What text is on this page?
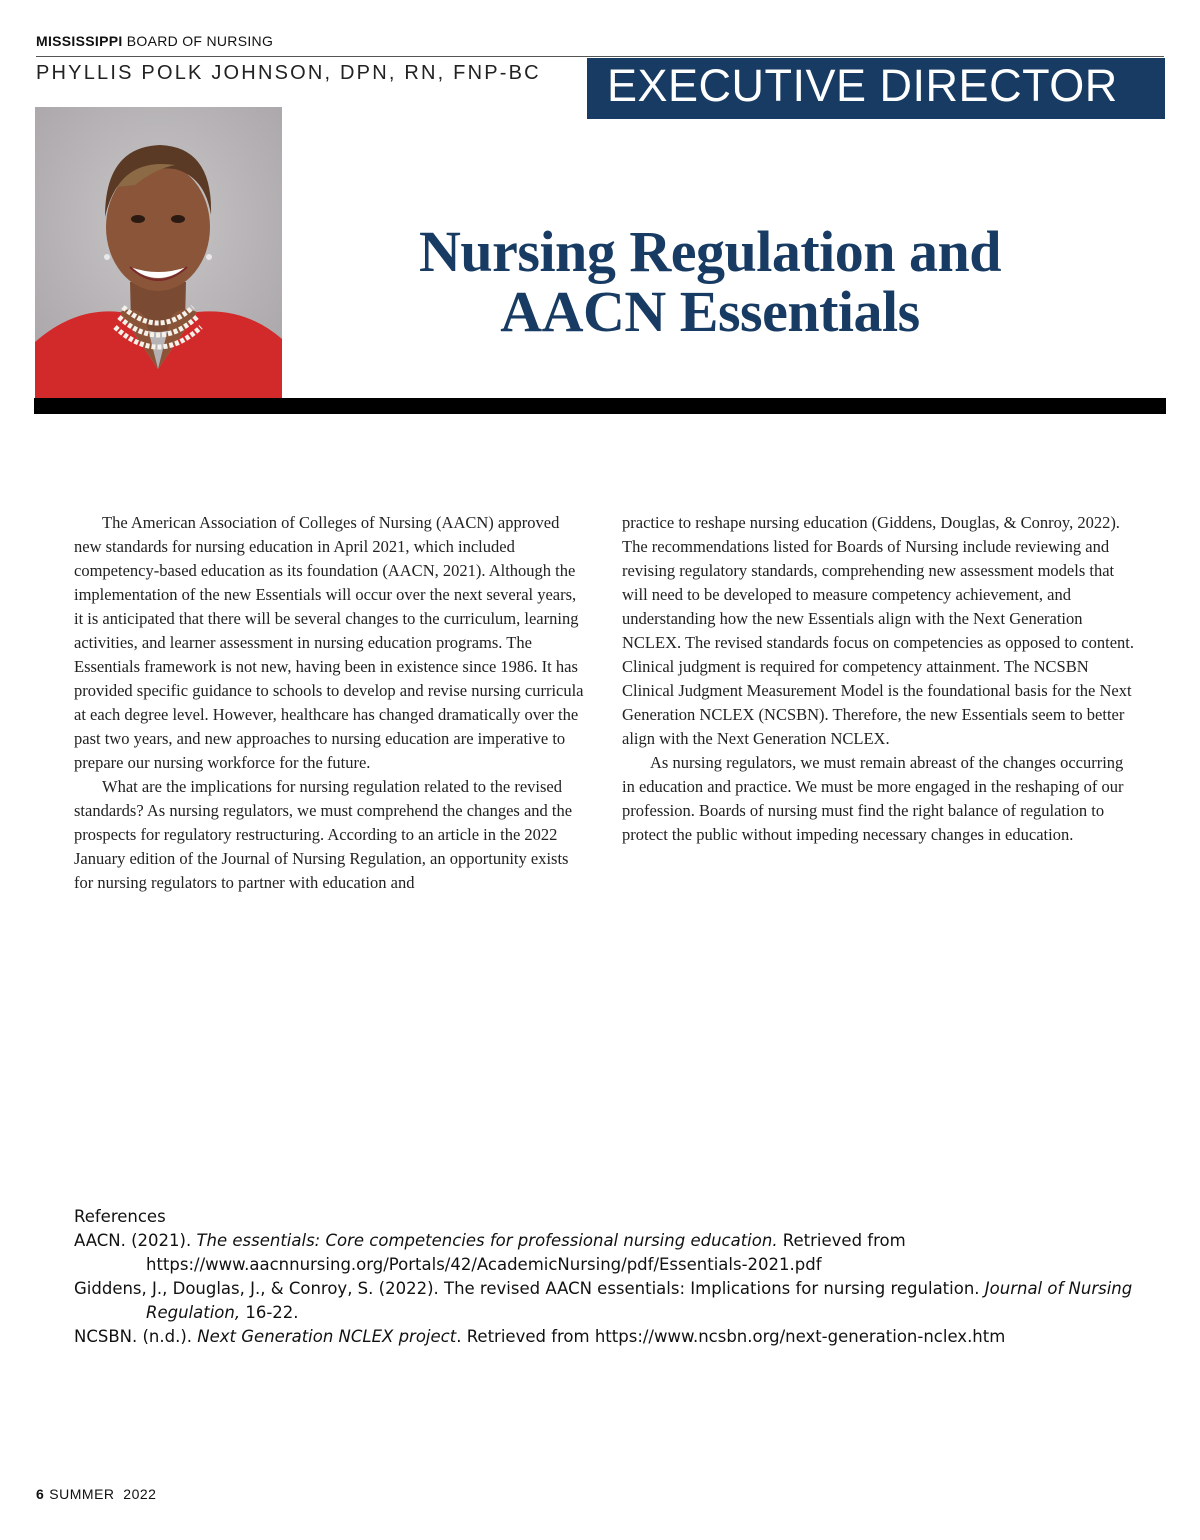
MISSISSIPPI BOARD OF NURSING
PHYLLIS POLK JOHNSON, DPN, RN, FNP-BC EXECUTIVE DIRECTOR
Nursing Regulation and
AACN Essentials

The American Association of Colleges of Nursing (AACN) approved new standards for nursing education in April 2021, which included competency-based education as its foundation (AACN, 2021). Although the implementation of the new Essentials will occur over the next several years, it is anticipated that there will be several changes to the curriculum, learning activities, and learner assessment in nursing education programs. The Essentials framework is not new, having been in existence since 1986. It has provided specific guidance to schools to develop and revise nursing curricula at each degree level. However, healthcare has changed dramatically over the past two years, and new approaches to nursing education are imperative to prepare our nursing workforce for the future.

What are the implications for nursing regulation related to the revised standards? As nursing regulators, we must comprehend the changes and the prospects for regulatory restructuring. According to an article in the 2022 January edition of the Journal of Nursing Regulation, an opportunity exists for nursing regulators to partner with education and

practice to reshape nursing education (Giddens, Douglas, & Conroy, 2022). The recommendations listed for Boards of Nursing include reviewing and revising regulatory standards, comprehending new assessment models that will need to be developed to measure competency achievement, and understanding how the new Essentials align with the Next Generation NCLEX. The revised standards focus on competencies as opposed to content. Clinical judgment is required for competency attainment. The NCSBN Clinical Judgment Measurement Model is the foundational basis for the Next Generation NCLEX (NCSBN). Therefore, the new Essentials seem to better align with the Next Generation NCLEX.

As nursing regulators, we must remain abreast of the changes occurring in education and practice. We must be more engaged in the reshaping of our profession. Boards of nursing must find the right balance of regulation to protect the public without impeding necessary changes in education.

References

AACN. (2021). The essentials: Core competencies for professional nursing education. Retrieved from https://www.aacnnursing.org/Portals/42/AcademicNursing/pdf/Essentials-2021.pdf

Giddens, J., Douglas, J., & Conroy, S. (2022). The revised AACN essentials: Implications for nursing regulation. Journal of Nursing Regulation, 16-22.

NCSBN. (n.d.). Next Generation NCLEX project. Retrieved from https://www.ncsbn.org/next-generation-nclex.htm

6 SUMMER  2022
